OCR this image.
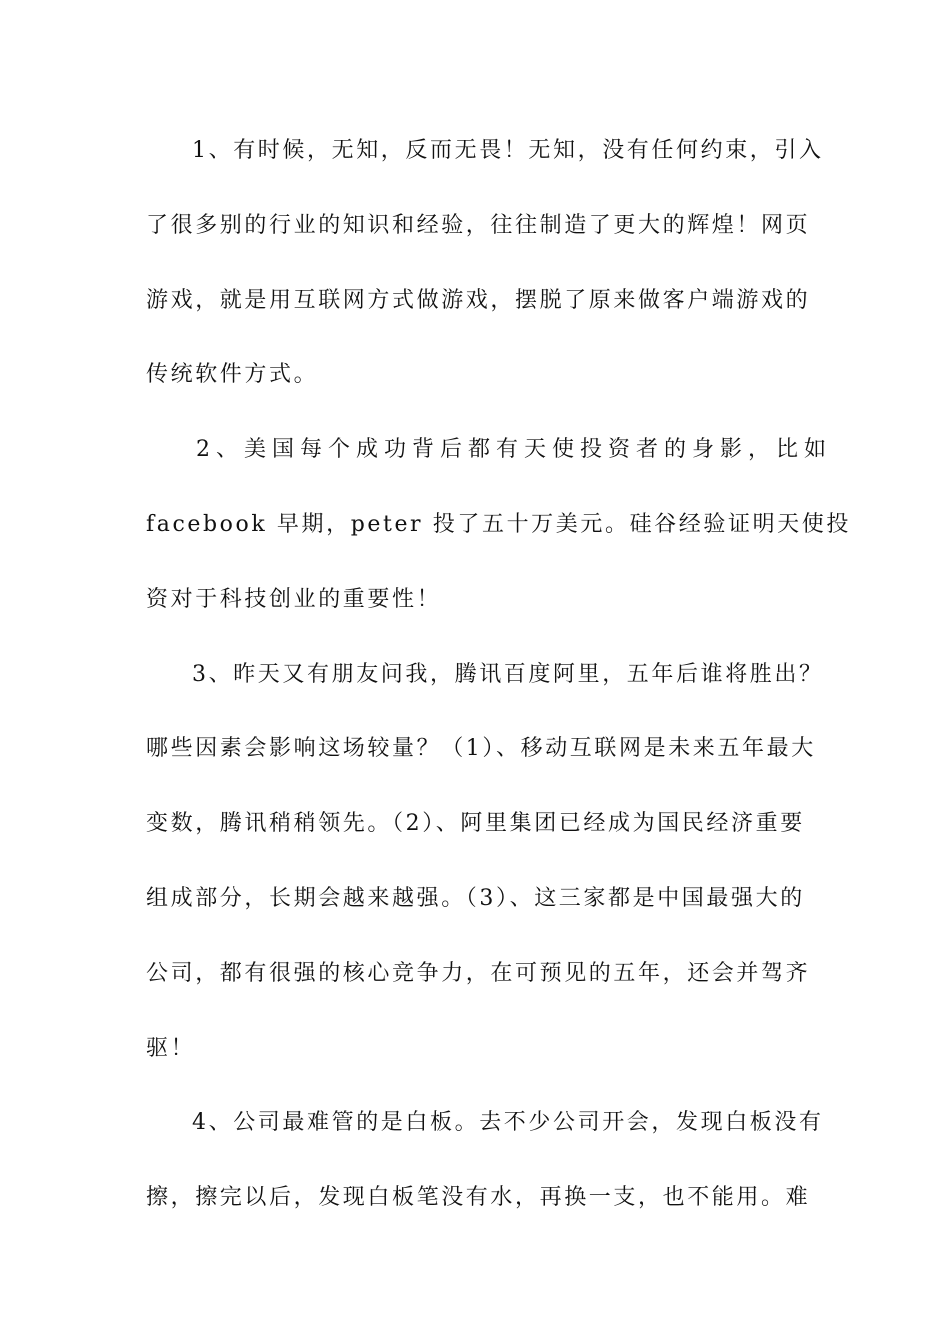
1、有时候，无知，反而无畏！无知，没有任何约束，引入
了很多别的行业的知识和经验，往往制造了更大的辉煌！网页
游戏，就是用互联网方式做游戏，摆脱了原来做客户端游戏的
传统软件方式。
2、美国每个成功背后都有天使投资者的身影，比如
facebook 早期，peter 投了五十万美元。硅谷经验证明天使投
资对于科技创业的重要性！
3、昨天又有朋友问我，腾讯百度阿里，五年后谁将胜出？
哪些因素会影响这场较量？（1）、移动互联网是未来五年最大
变数，腾讯稍稍领先。（2）、阿里集团已经成为国民经济重要
组成部分，长期会越来越强。（3）、这三家都是中国最强大的
公司，都有很强的核心竞争力，在可预见的五年，还会并驾齐
驱！
4、公司最难管的是白板。去不少公司开会，发现白板没有
擦，擦完以后，发现白板笔没有水，再换一支，也不能用。难
